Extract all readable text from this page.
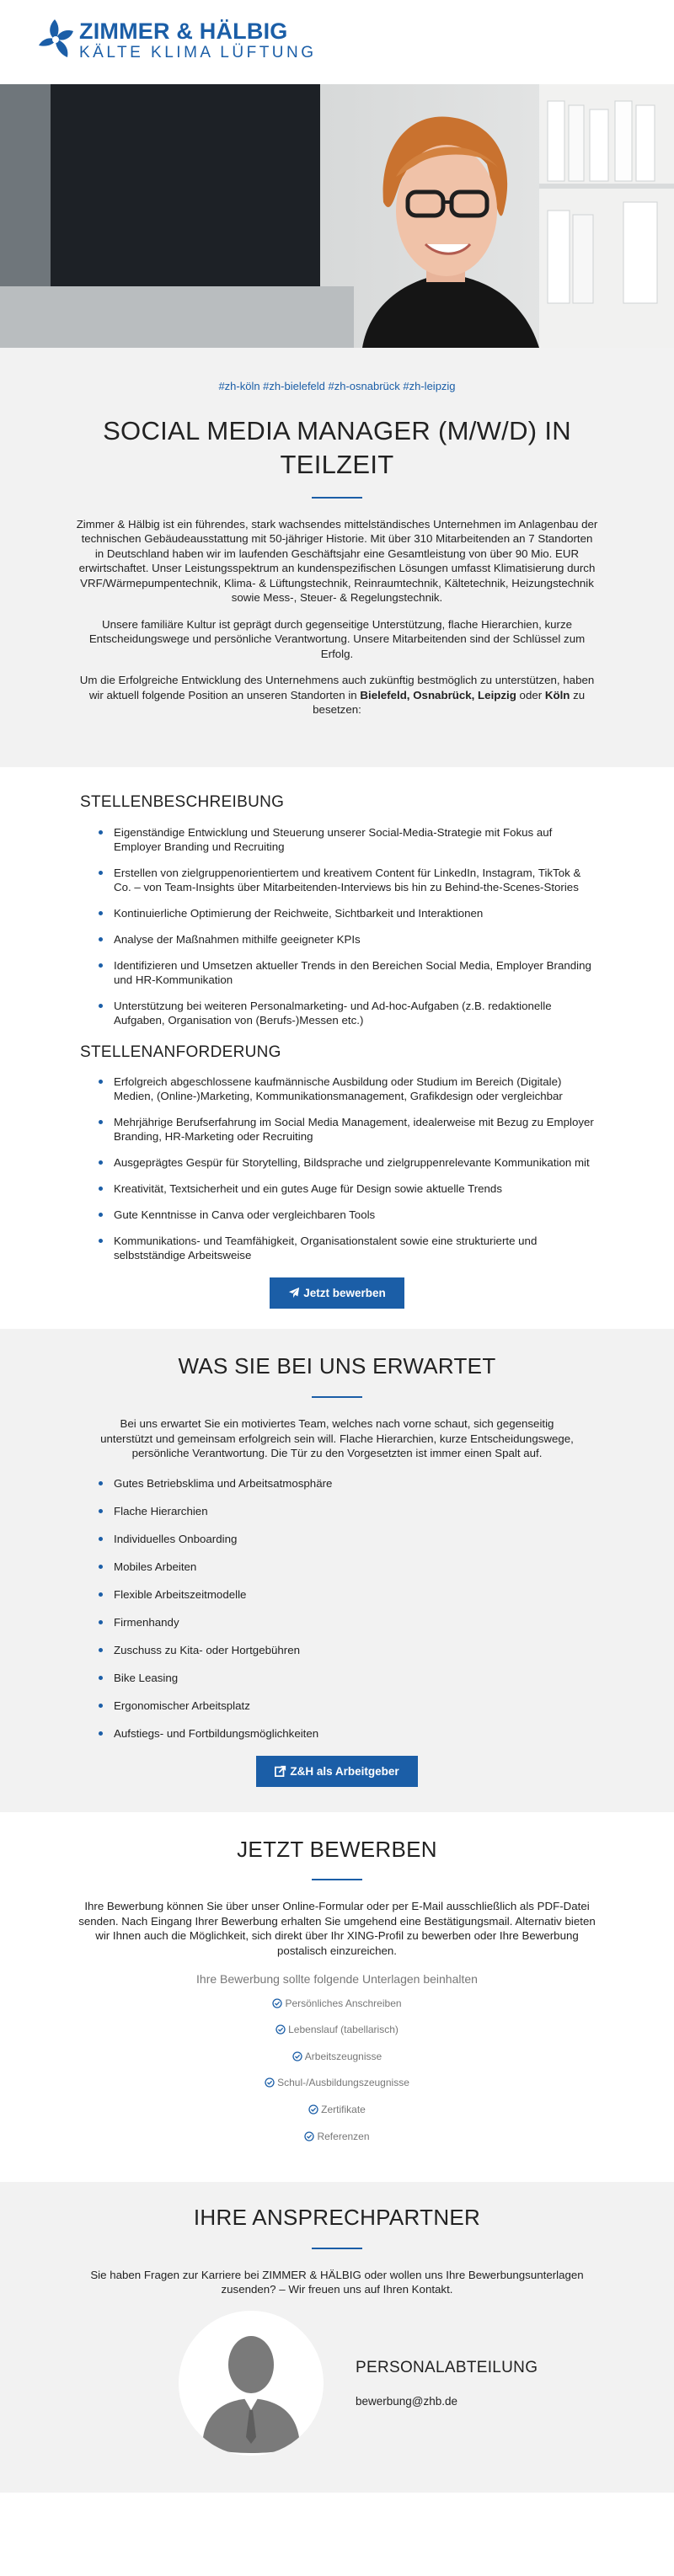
ZIMMER & HÄLBIG
KÄLTE KLIMA LÜFTUNG
#zh-köln #zh-bielefeld #zh-osnabrück #zh-leipzig
SOCIAL MEDIA MANAGER (M/W/D) IN TEILZEIT

Zimmer & Hälbig ist ein führendes, stark wachsendes mittelständisches Unternehmen im Anlagenbau der technischen Gebäudeausstattung mit 50-jähriger Historie. Mit über 310 Mitarbeitenden an 7 Standorten in Deutschland haben wir im laufenden Geschäftsjahr eine Gesamtleistung von über 90 Mio. EUR erwirtschaftet. Unser Leistungsspektrum an kundenspezifischen Lösungen umfasst Klimatisierung durch VRF/Wärmepumpentechnik, Klima- & Lüftungstechnik, Reinraumtechnik, Kältetechnik, Heizungstechnik sowie Mess-, Steuer- & Regelungstechnik.

Unsere familiäre Kultur ist geprägt durch gegenseitige Unterstützung, flache Hierarchien, kurze Entscheidungswege und persönliche Verantwortung. Unsere Mitarbeitenden sind der Schlüssel zum Erfolg.

Um die Erfolgreiche Entwicklung des Unternehmens auch zukünftig bestmöglich zu unterstützen, haben wir aktuell folgende Position an unseren Standorten in Bielefeld, Osnabrück, Leipzig oder Köln zu besetzen:

STELLENBESCHREIBUNG
Eigenständige Entwicklung und Steuerung unserer Social-Media-Strategie mit Fokus auf Employer Branding und Recruiting
Erstellen von zielgruppenorientiertem und kreativem Content für LinkedIn, Instagram, TikTok & Co. – von Team-Insights über Mitarbeitenden-Interviews bis hin zu Behind-the-Scenes-Stories
Kontinuierliche Optimierung der Reichweite, Sichtbarkeit und Interaktionen
Analyse der Maßnahmen mithilfe geeigneter KPIs
Identifizieren und Umsetzen aktueller Trends in den Bereichen Social Media, Employer Branding und HR-Kommunikation
Unterstützung bei weiteren Personalmarketing- und Ad-hoc-Aufgaben (z.B. redaktionelle Aufgaben, Organisation von (Berufs-)Messen etc.)
STELLENANFORDERUNG
Erfolgreich abgeschlossene kaufmännische Ausbildung oder Studium im Bereich (Digitale) Medien, (Online-)Marketing, Kommunikationsmanagement, Grafikdesign oder vergleichbar
Mehrjährige Berufserfahrung im Social Media Management, idealerweise mit Bezug zu Employer Branding, HR-Marketing oder Recruiting
Ausgeprägtes Gespür für Storytelling, Bildsprache und zielgruppenrelevante Kommunikation mit
Kreativität, Textsicherheit und ein gutes Auge für Design sowie aktuelle Trends
Gute Kenntnisse in Canva oder vergleichbaren Tools
Kommunikations- und Teamfähigkeit, Organisationstalent sowie eine strukturierte und selbstständige Arbeitsweise
Jetzt bewerben
WAS SIE BEI UNS ERWARTET

Bei uns erwartet Sie ein motiviertes Team, welches nach vorne schaut, sich gegenseitig unterstützt und gemeinsam erfolgreich sein will. Flache Hierarchien, kurze Entscheidungswege, persönliche Verantwortung. Die Tür zu den Vorgesetzten ist immer einen Spalt auf.

Gutes Betriebsklima und Arbeitsatmosphäre
Flache Hierarchien
Individuelles Onboarding
Mobiles Arbeiten
Flexible Arbeitszeitmodelle
Firmenhandy
Zuschuss zu Kita- oder Hortgebühren
Bike Leasing
Ergonomischer Arbeitsplatz
Aufstiegs- und Fortbildungsmöglichkeiten
Z&H als Arbeitgeber
JETZT BEWERBEN

Ihre Bewerbung können Sie über unser Online-Formular oder per E-Mail ausschließlich als PDF-Datei senden. Nach Eingang Ihrer Bewerbung erhalten Sie umgehend eine Bestätigungsmail. Alternativ bieten wir Ihnen auch die Möglichkeit, sich direkt über Ihr XING-Profil zu bewerben oder Ihre Bewerbung postalisch einzureichen.

Ihre Bewerbung sollte folgende Unterlagen beinhalten
Persönliches Anschreiben
Lebenslauf (tabellarisch)
Arbeitszeugnisse
Schul-/Ausbildungszeugnisse
Zertifikate
Referenzen
IHRE ANSPRECHPARTNER

Sie haben Fragen zur Karriere bei ZIMMER & HÄLBIG oder wollen uns Ihre Bewerbungsunterlagen zusenden? – Wir freuen uns auf Ihren Kontakt.

PERSONALABTEILUNG
bewerbung@zhb.de
